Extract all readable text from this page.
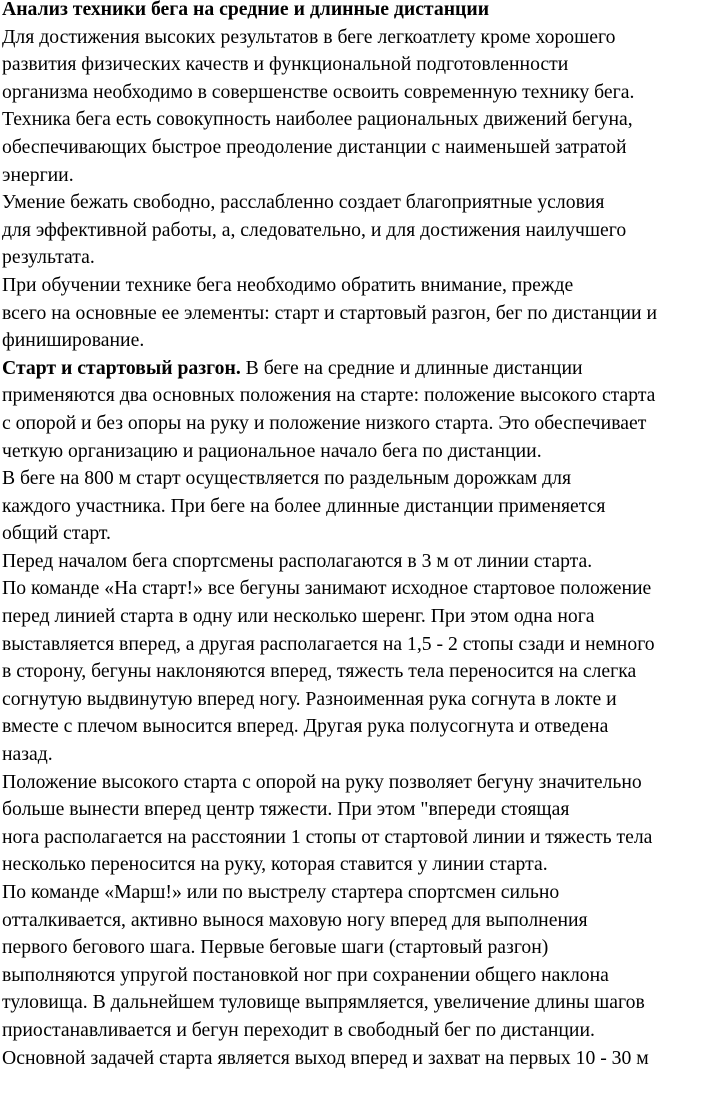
Анализ техники бега на средние и длинные дистанции
Для достижения высоких результатов в беге легкоатлету кроме хорошего
развития физических качеств и функциональной подготовленности
организма необходимо в совершенстве освоить современную технику бега.
Техника бега есть совокупность наиболее рациональных движений бегуна,
обеспечивающих быстрое преодоление дистанции с наименьшей затратой
энергии.
Умение бежать свободно, расслабленно создает благоприятные условия
для эффективной работы, а, следовательно, и для достижения наилучшего
результата.
При обучении технике бега необходимо обратить внимание, прежде
всего на основные ее элементы: старт и стартовый разгон, бег по дистанции и
финиширование.
Старт и стартовый разгон. В беге на средние и длинные дистанции
применяются два основных положения на старте: положение высокого старта
с опорой и без опоры на руку и положение низкого старта. Это обеспечивает
четкую организацию и рациональное начало бега по дистанции.
В беге на 800 м старт осуществляется по раздельным дорожкам для
каждого участника. При беге на более длинные дистанции применяется
общий старт.
Перед началом бега спортсмены располагаются в 3 м от линии старта.
По команде «На старт!» все бегуны занимают исходное стартовое положение
перед линией старта в одну или несколько шеренг. При этом одна нога
выставляется вперед, а другая располагается на 1,5 - 2 стопы сзади и немного
в сторону, бегуны наклоняются вперед, тяжесть тела переносится на слегка
согнутую выдвинутую вперед ногу. Разноименная рука согнута в локте и
вместе с плечом выносится вперед. Другая рука полусогнута и отведена
назад.
Положение высокого старта с опорой на руку позволяет бегуну значительно
больше вынести вперед центр тяжести. При этом "впереди стоящая
нога располагается на расстоянии 1 стопы от стартовой линии и тяжесть тела
несколько переносится на руку, которая ставится у линии старта.
По команде «Марш!» или по выстрелу стартера спортсмен сильно
отталкивается, активно вынося маховую ногу вперед для выполнения
первого бегового шага. Первые беговые шаги (стартовый разгон)
выполняются упругой постановкой ног при сохранении общего наклона
туловища. В дальнейшем туловище выпрямляется, увеличение длины шагов
приостанавливается и бегун переходит в свободный бег по дистанции.
Основной задачей старта является выход вперед и захват на первых 10 - 30 м
